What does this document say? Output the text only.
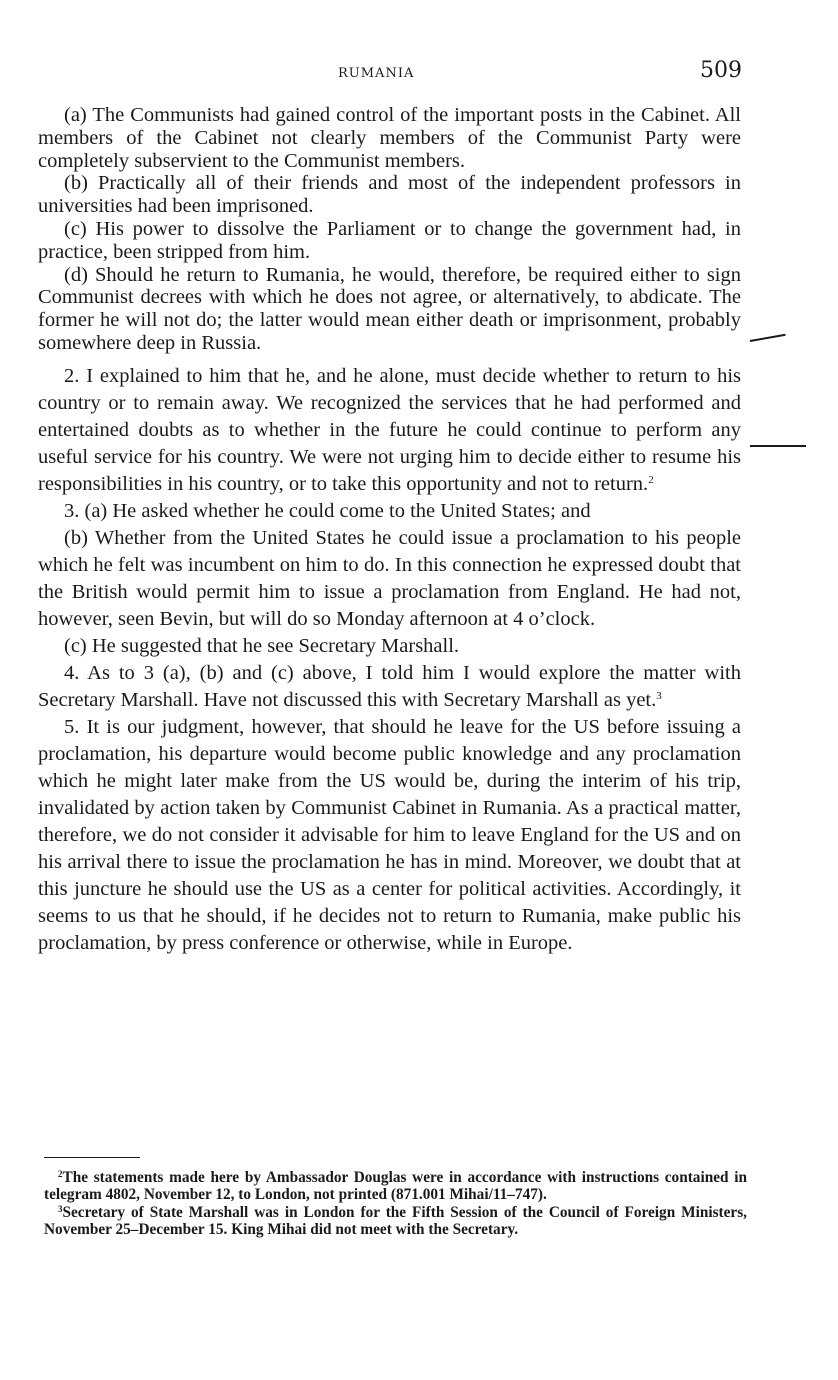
RUMANIA	509

(a) The Communists had gained control of the important posts in the Cabinet. All members of the Cabinet not clearly members of the Communist Party were completely subservient to the Communist members.

(b) Practically all of their friends and most of the independent professors in universities had been imprisoned.

(c) His power to dissolve the Parliament or to change the government had, in practice, been stripped from him.

(d) Should he return to Rumania, he would, therefore, be required either to sign Communist decrees with which he does not agree, or alternatively, to abdicate. The former he will not do; the latter would mean either death or imprisonment, probably somewhere deep in Russia.

2. I explained to him that he, and he alone, must decide whether to return to his country or to remain away. We recognized the services that he had performed and entertained doubts as to whether in the future he could continue to perform any useful service for his country. We were not urging him to decide either to resume his responsibilities in his country, or to take this opportunity and not to return.$^2$

3. (a) He asked whether he could come to the United States; and

(b) Whether from the United States he could issue a proclamation to his people which he felt was incumbent on him to do. In this connection he expressed doubt that the British would permit him to issue a proclamation from England. He had not, however, seen Bevin, but will do so Monday afternoon at 4 o’clock.

(c) He suggested that he see Secretary Marshall.

4. As to 3 (a), (b) and (c) above, I told him I would explore the matter with Secretary Marshall. Have not discussed this with Secretary Marshall as yet.$^3$

5. It is our judgment, however, that should he leave for the US before issuing a proclamation, his departure would become public knowledge and any proclamation which he might later make from the US would be, during the interim of his trip, invalidated by action taken by Communist Cabinet in Rumania. As a practical matter, therefore, we do not consider it advisable for him to leave England for the US and on his arrival there to issue the proclamation he has in mind. Moreover, we doubt that at this juncture he should use the US as a center for political activities. Accordingly, it seems to us that he should, if he decides not to return to Rumania, make public his proclamation, by press conference or otherwise, while in Europe.

$^2$The statements made here by Ambassador Douglas were in accordance with instructions contained in telegram 4802, November 12, to London, not printed (871.001 Mihai/11–747).

$^3$Secretary of State Marshall was in London for the Fifth Session of the Council of Foreign Ministers, November 25–December 15. King Mihai did not meet with the Secretary.
